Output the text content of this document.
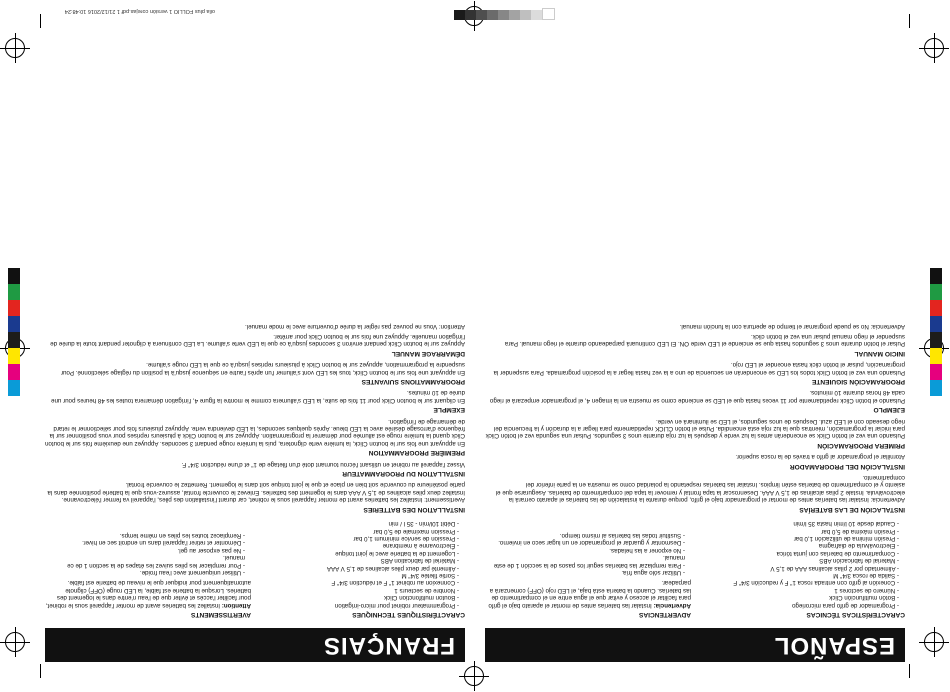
ESPAÑOL
CARACTERÍSTICAS TÉCNICAS
- Programador de grifo para microriego
- Botón multifunción Click
- Número de sectores 1
- Conexión al grifo con entrada rosca 1" F y reducción 3/4" F
- Salida de rosca 3/4" M
- Alimentado por 2 pilas alcalinas AAA de 1,5 V
- Material de fabricación ABS
- Compartimento de baterías con junta tórica
- Electroválvula de diafragma
- Presión mínima de utilización 1,0 bar
- Presión máxima de 5,0 bar
- Caudal desde 10 l/min hasta 35 l/min
ADVERTENCIAS

Advertencia: Instalar las baterías antes de montar el aparato bajo el grifo para facilitar el acceso y evitar que el agua entre en el compartimento de las baterías. Cuando la batería está baja, el LED rojo (OFF) comenzará a parpadear.

- Utilizar sólo agua fría.
- Para remplazar las baterías seguir los pasos de la sección 1 de este manual.
- No exponer a las heladas.
- Desmontar y guardar el programador en un lugar seco en invierno.
- Sustituir todas las baterías al mismo tiempo.
INSTALACIÓN DE LAS BATERÍAS

Advertencia: Instalar las baterías antes de montar el programador bajo el grifo, porque durante la instalación de las baterías el aparato cerrará la electroválvula. Instale 2 pilas alcalinas de 1,5 V AAA. Desenroscar la tapa frontal y remover la tapa del compartimento de baterías. Asegurarse que el asiento y el compartimento de baterías estén limpios. Instalar las baterías respetando la polaridad como se muestra en la parte inferior del compartimento.

INSTALACIÓN DEL PROGRAMADOR

Atornillar el programador al grifo a través de la rosca superior.

PRIMERA PROGRAMACIÓN

Pulsando una vez el botón Click se encenderán antes la luz verde y después la luz roja durante unos 3 segundos. Pulsar una segunda vez el botón Click para iniciar la programación, mientras que la luz roja está encendida. Pulse el botón CLICK repetidamente para llegar a la duración y la frecuencia del riego deseado con el LED azul. Después de unos segundos, el LED se iluminará en verde.

EJEMPLO

Pulsando el botón Click repetidamente por 11 veces hasta que el LED se enciende como se muestra en la imagen 4, el programador empezará el riego cada 48 horas durante 10 minutos.

PROGRAMACIÓN SIGUIENTE

Pulsando una vez el botón Click todos los LED se encenderán en secuencia de uno a la vez hasta llegar a la posición programada. Para suspender la programación, pulsar el botón click hasta encender el LED rojo.

INICIO MANUAL

Pulsar el botón durante unos 3 segundos hasta que se enciende el LED verde ON. El LED continuará parpadeando durante el riego manual. Para suspender el riego manual pulsar una vez el botón click.

Advertencia: No se puede programar el tiempo de apertura con la función manual.

FRANÇAIS
CARACTÉRISTIQUES TECHNIQUES
- Programmateur robinet pour micro-irrigation
- Bouton multifonction Click
- Nombre de secteurs 1
- Connexion au robinet 1" F et réduction 3/4" F
- Sortie filetée 3/4" M
- Alimenté par deux piles alcalines de 1,5 V AAA
- Matériel de fabrication ABS
- Logement de la batterie avec le joint torique
- Électrovanne à membrane
- Pression de service minimum 1,0 bar
- Pression maximale de 5,0 bar
- Débit 10l/min - 35 l / min
AVERTISSEMENTS

Attention: Installez les batteries avant de monter l'appareil sous le robinet, pour faciliter l'accès et éviter que de l'eau n'entre dans le logement des batteries. Lorsque la batterie est faible, la LED rouge (OFF) clignote automatiquement pour indiquer que le niveau de batterie est faible.

- Utiliser uniquement avec l'eau froide.
- Pour remplacer les piles suivez les étapes de la section 1 de ce manuel.
- Ne pas exposer au gel.
- Démonter et retirer l'appareil dans un endroit sec en hiver.
- Remplacez toutes les piles en même temps.
INSTALLATION DES BATTERIES

Avertissement: Installez les batteries avant de monter l'appareil sous le robinet, car durant l'installation des piles, l'appareil va fermer l'électrovanne. Installez deux piles alcalines de 1,5 V AAA dans le logement des batteries. Enlevez le couvercle frontal, assurez-vous que la batterie positionnée dans la partie postérieure du couvercle soit bien en place et que le joint torique soit dans le logement. Remettez le couvercle frontal.

INSTALLATION DU PROGRAMMATEUR

Vissez l'appareil au robinet en utilisant l'écrou tournant doté d'un filetage de 1" et d'une réduction 3/4" F.

PREMIÈRE PROGRAMMATION

En appuyant une fois sur le bouton Click, la lumière verte clignotera, puis la lumière rouge pendant 3 secondes. Appuyez une deuxième fois sur le bouton Click quand la lumière rouge est allumée pour démarrer la programmation. Appuyez sur le bouton Click à plusieurs reprises pour vous positionner sur la fréquence d'arrosage désirée avec la LED bleue. Après quelques secondes, la LED deviendra verte. Appuyez plusieurs fois pour sélectionner le retard de démarrage de l'irrigation.

EXEMPLE

En cliquant sur le bouton Click pour 11 fois de suite, la LED s'allumera comme le montre la figure 4, l'irrigation démarrera toutes les 48 heures pour une durée de 10 minutes.

PROGRAMMATIONS SUIVANTES

En appuyant une fois sur le bouton Click, tous les LED vont s'allumer l'un après l'autre en séquence jusqu'à la position du réglage sélectionné. Pour suspendre la programmation, appuyez sur le bouton Click à plusieurs reprises jusqu'à ce que la LED rouge s'allume.

DÉMARRAGE MANUEL

Appuyez sur le bouton Click pendant environ 3 secondes jusqu'à ce que la LED verte s'allume. La LED continuera à clignoter pendant toute la durée de l'irrigation manuelle. Appuyez une fois sur le bouton Click pour arrêter.

Attention: Vous ne pouvez pas régler la durée d'ouverture avec le mode manuel.

oila plus FOLLIO 1 versión corejas.pdf 1 21/12/2016 10:48:24
